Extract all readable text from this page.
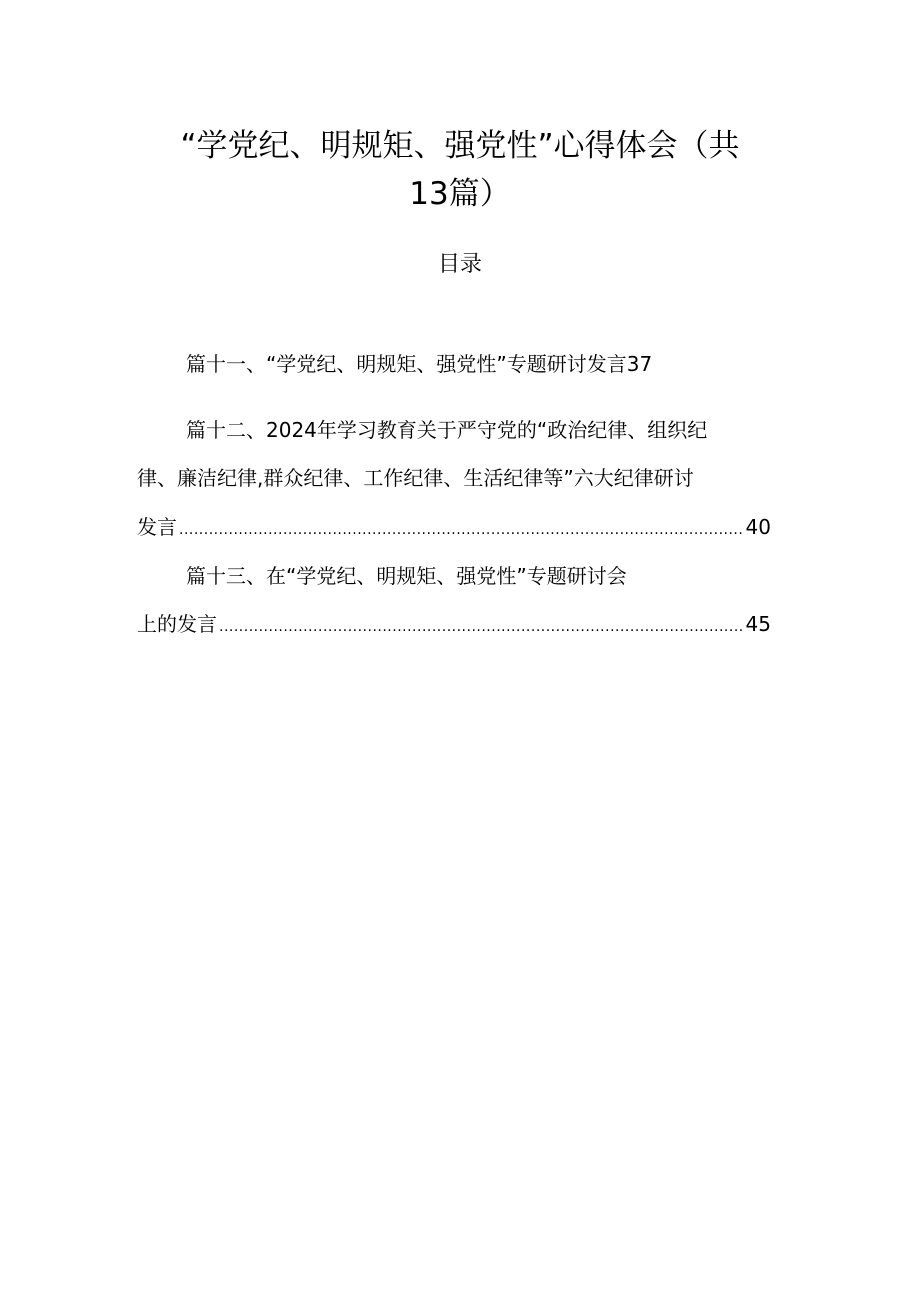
“学党纪、明规矩、强党性”心得体会（共
13篇）
目录
篇十一、“学党纪、明规矩、强党性”专题研讨发言37
篇十二、2024年学习教育关于严守党的“政治纪律、组织纪
律、廉洁纪律,群众纪律、工作纪律、生活纪律等”六大纪律研讨
发言 .....	40
篇十三、在“学党纪、明规矩、强党性”专题研讨会
上的发言 .....	45
